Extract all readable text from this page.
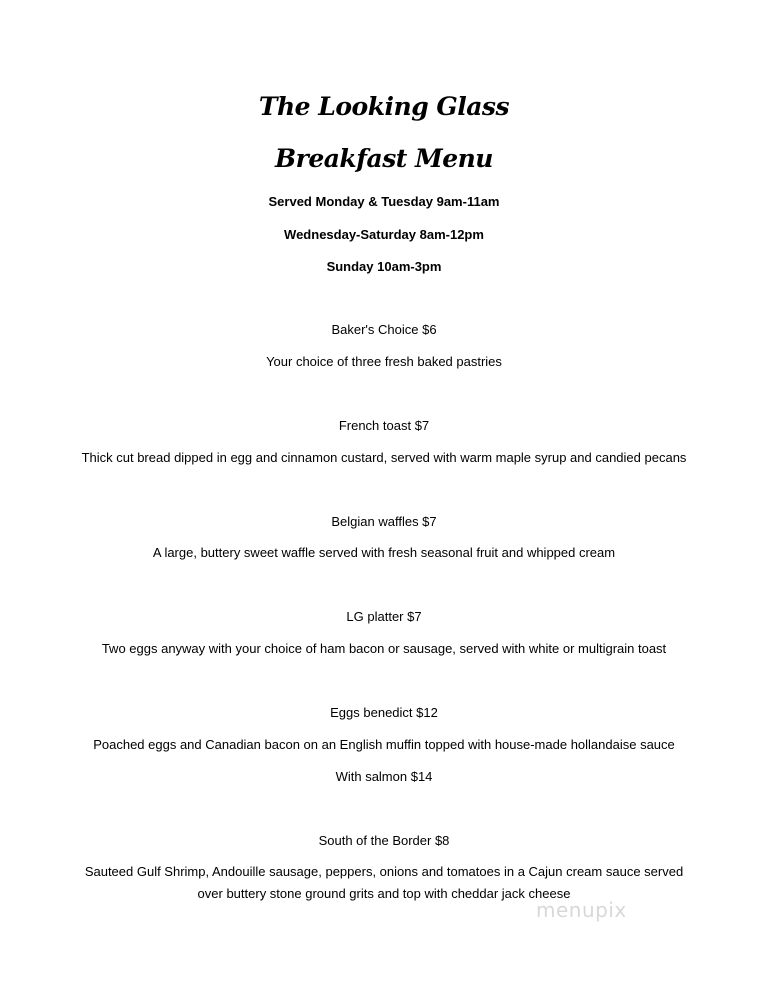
The Looking Glass
Breakfast Menu
Served Monday & Tuesday 9am-11am
Wednesday-Saturday 8am-12pm
Sunday 10am-3pm
Baker's Choice $6
Your choice of three fresh baked pastries
French toast $7
Thick cut bread dipped in egg and cinnamon custard, served with warm maple syrup and candied pecans
Belgian waffles $7
A large, buttery sweet waffle served with fresh seasonal fruit and whipped cream
LG platter $7
Two eggs anyway with your choice of ham bacon or sausage, served with white or multigrain toast
Eggs benedict $12
Poached eggs and Canadian bacon on an English muffin topped with house-made hollandaise sauce
With salmon $14
South of the Border $8
Sauteed Gulf Shrimp, Andouille sausage, peppers, onions and tomatoes in a Cajun cream sauce served
over buttery stone ground grits and top with cheddar jack cheese
menupix
